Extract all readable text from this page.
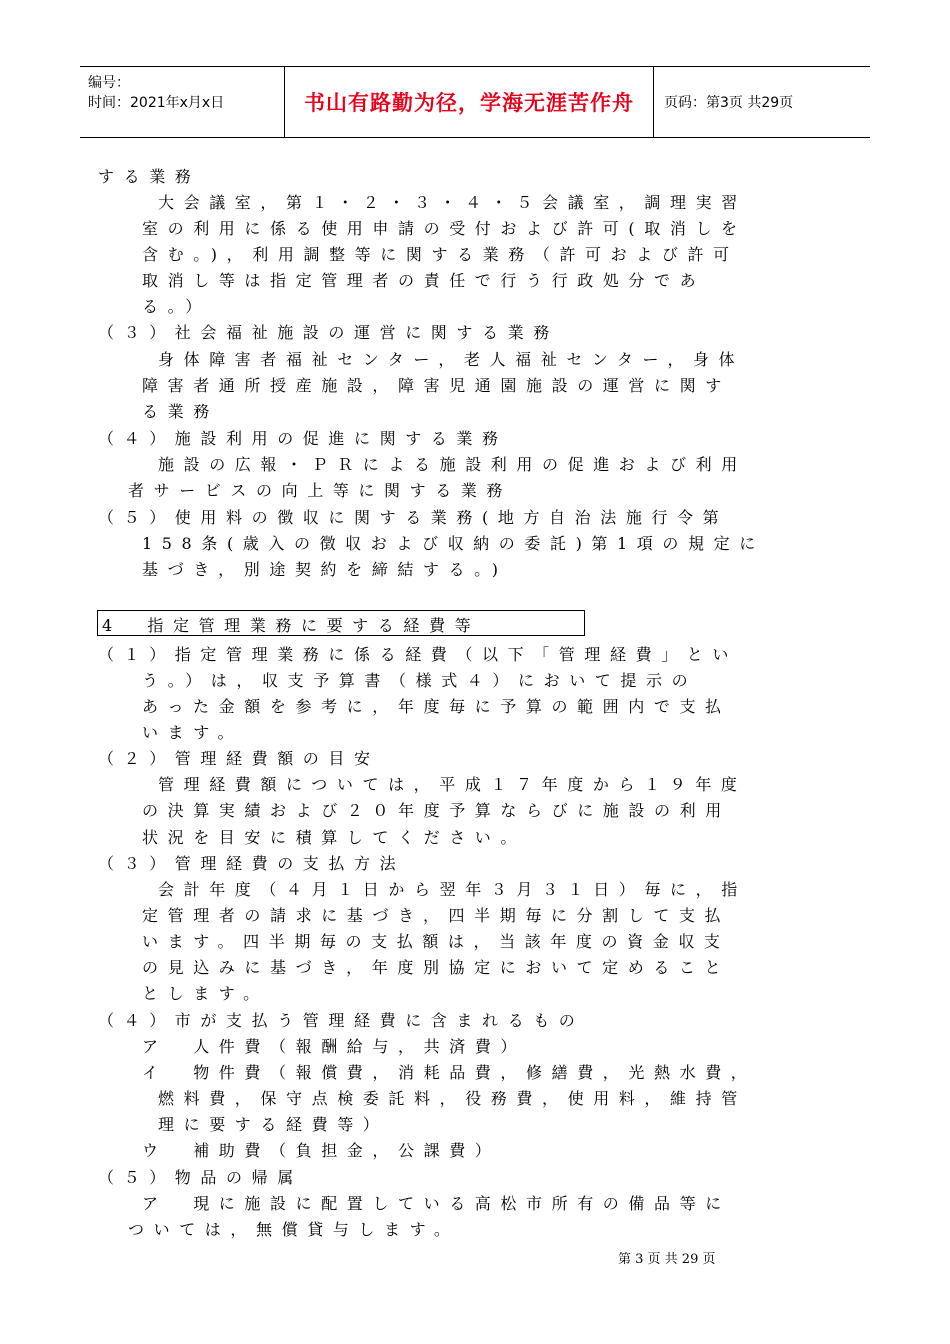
编号：
时间：2021年x月x日	书山有路勤为径，学海无涯苦作舟 页码：第3页 共29页
する業務
大会議室，第１・２・３・４・５会議室，調理実習
室の利用に係る使用申請の受付および許可(取消しを
含む。)，利用調整等に関する業務（許可および許可
取消し等は指定管理者の責任で行う行政処分であ
る。）
（３）社会福祉施設の運営に関する業務
身体障害者福祉センター，老人福祉センター，身体
障害者通所授産施設，障害児通園施設の運営に関す
る業務
（４）施設利用の促進に関する業務
施設の広報・ＰＲによる施設利用の促進および利用
者サービスの向上等に関する業務
（５）使用料の徴収に関する業務(地方自治法施行令第
158条(歳入の徴収および収納の委託)第1項の規定に
基づき，別途契約を締結する。)
（１）指定管理業務に係る経費（以下「管理経費」とい
う。）は，収支予算書（様式４）において提示の
あった金額を参考に，年度毎に予算の範囲内で支払
います。
（２）管理経費額の目安
管理経費額については，平成１７年度から１９年度
の決算実績および２０年度予算ならびに施設の利用
状況を目安に積算してください。
（３）管理経費の支払方法
会計年度（４月１日から翌年３月３１日）毎に，指
定管理者の請求に基づき，四半期毎に分割して支払
います。四半期毎の支払額は，当該年度の資金収支
の見込みに基づき，年度別協定において定めること
とします。
（４）市が支払う管理経費に含まれるもの
ア　人件費（報酬給与，共済費）
イ　物件費（報償費，消耗品費，修繕費，光熱水費，
燃料費，保守点検委託料，役務費，使用料，維持管
理に要する経費等）
ウ　補助費（負担金，公課費）
（５）物品の帰属
ア　現に施設に配置している高松市所有の備品等に
ついては，無償貸与します。
4　指定管理業務に要する経費等
第 3 页 共 29 页
